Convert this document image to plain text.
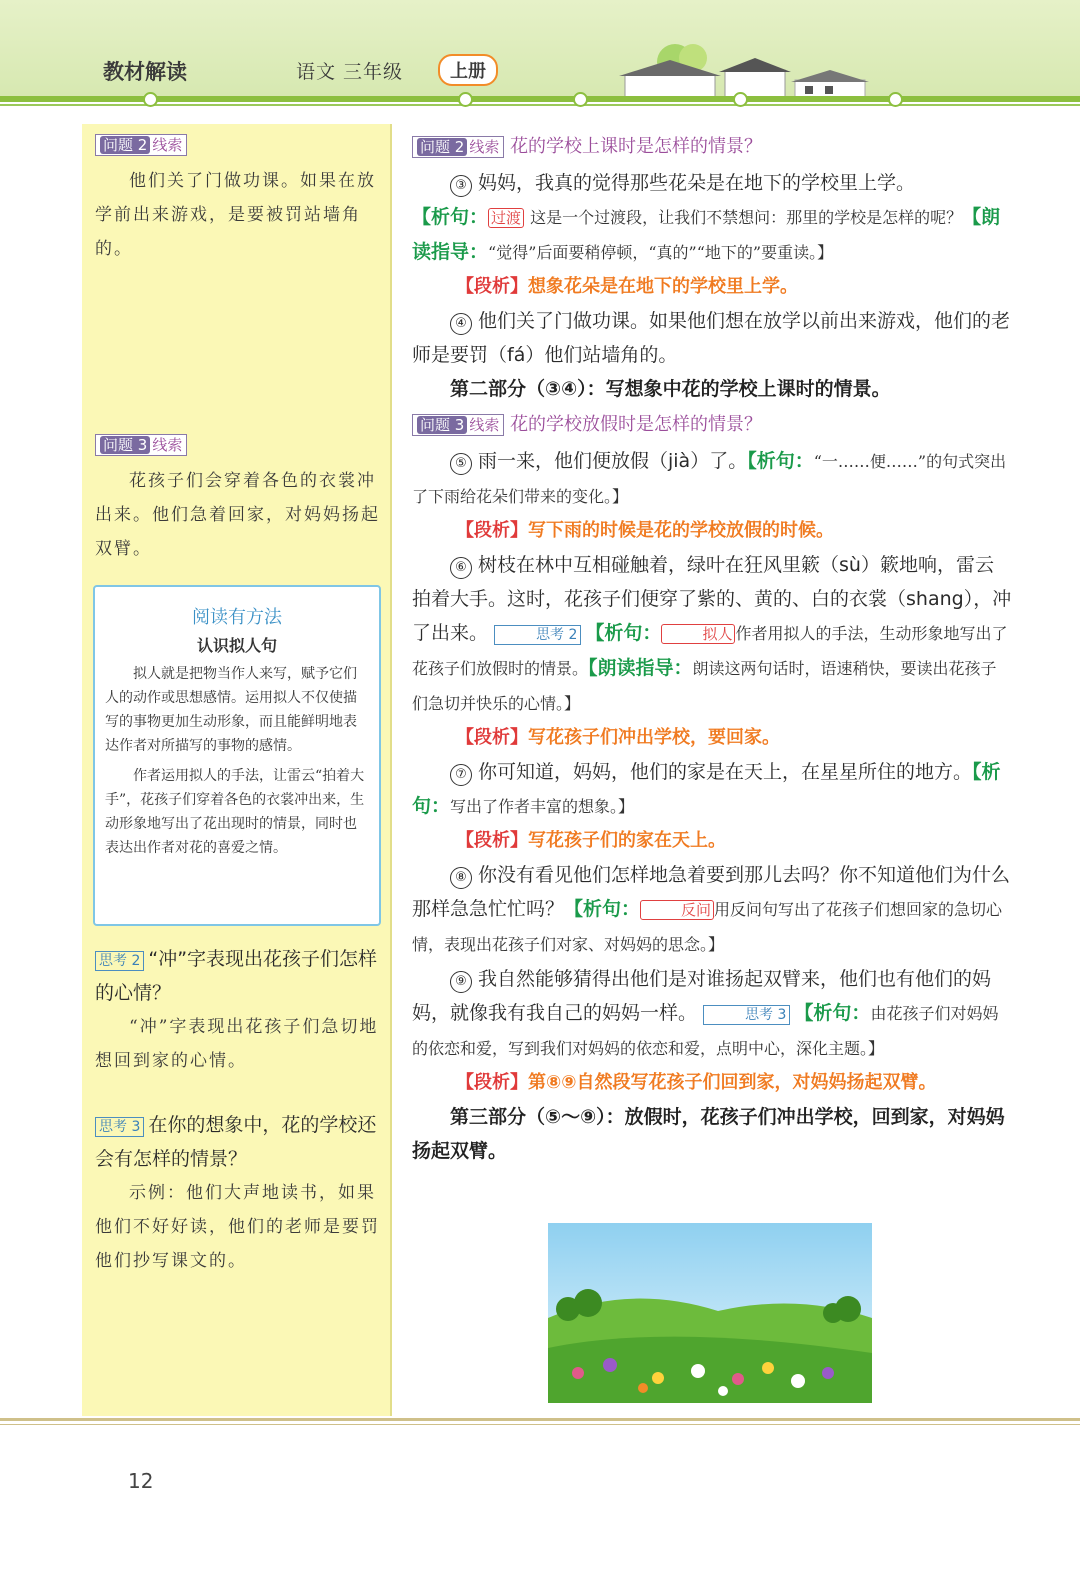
教材解读	语文 三年级	上册
问题 2 线索

他们关了门做功课。如果在放学前出来游戏，是要被罚站墙角的。

问题 3 线索

花孩子们会穿着各色的衣裳冲出来。他们急着回家，对妈妈扬起双臂。

思考 2 “冲”字表现出花孩子们怎样的心情？

“冲”字表现出花孩子们急切地想回到家的心情。

思考 3 在你的想象中，花的学校还会有怎样的情景？

示例：他们大声地读书，如果他们不好好读，他们的老师是要罚他们抄写课文的。

阅读有方法
认识拟人句

拟人就是把物当作人来写，赋予它们人的动作或思想感情。运用拟人不仅使描写的事物更加生动形象，而且能鲜明地表达作者对所描写的事物的感情。

作者运用拟人的手法，让雷云“拍着大手”，花孩子们穿着各色的衣裳冲出来，生动形象地写出了花出现时的情景，同时也表达出作者对花的喜爱之情。

问题 2 线索 花的学校上课时是怎样的情景？

③ 妈妈，我真的觉得那些花朵是在地下的学校里上学。

【析句： 过渡 这是一个过渡段，让我们不禁想问：那里的学校是怎样的呢？【朗读指导：“觉得”后面要稍停顿，“真的”“地下的”要重读。】

【段析】想象花朵是在地下的学校里上学。

④ 他们关了门做功课。如果他们想在放学以前出来游戏，他们的老师是要罚（fá）他们站墙角的。

第二部分（③④）：写想象中花的学校上课时的情景。

问题 3 线索 花的学校放假时是怎样的情景？

⑤ 雨一来，他们便放假（jià）了。【析句：“一……便……”的句式突出了下雨给花朵们带来的变化。】

【段析】写下雨的时候是花的学校放假的时候。

⑥ 树枝在林中互相碰触着，绿叶在狂风里簌（sù）簌地响，雷云拍着大手。这时，花孩子们便穿了紫的、黄的、白的衣裳（shang），冲了出来。	思考 2 【析句：	拟人 作者用拟人的手法，生动形象地写出了花孩子们放假时的情景。【朗读指导：朗读这两句话时，语速稍快，要读出花孩子们急切并快乐的心情。】

【段析】写花孩子们冲出学校，要回家。

⑦ 你可知道，妈妈，他们的家是在天上，在星星所住的地方。【析句：写出了作者丰富的想象。】

【段析】写花孩子们的家在天上。

⑧ 你没有看见他们怎样地急着要到那儿去吗？你不知道他们为什么那样急急忙忙吗？【析句：	反问 用反问句写出了花孩子们想回家的急切心情，表现出花孩子们对家、对妈妈的思念。】

⑨ 我自然能够猜得出他们是对谁扬起双臂来，他们也有他们的妈妈，就像我有我自己的妈妈一样。	思考 3 【析句：由花孩子们对妈妈的依恋和爱，写到我们对妈妈的依恋和爱，点明中心，深化主题。】

【段析】第⑧⑨自然段写花孩子们回到家，对妈妈扬起双臂。

第三部分（⑤～⑨）：放假时，花孩子们冲出学校，回到家，对妈妈扬起双臂。

12
